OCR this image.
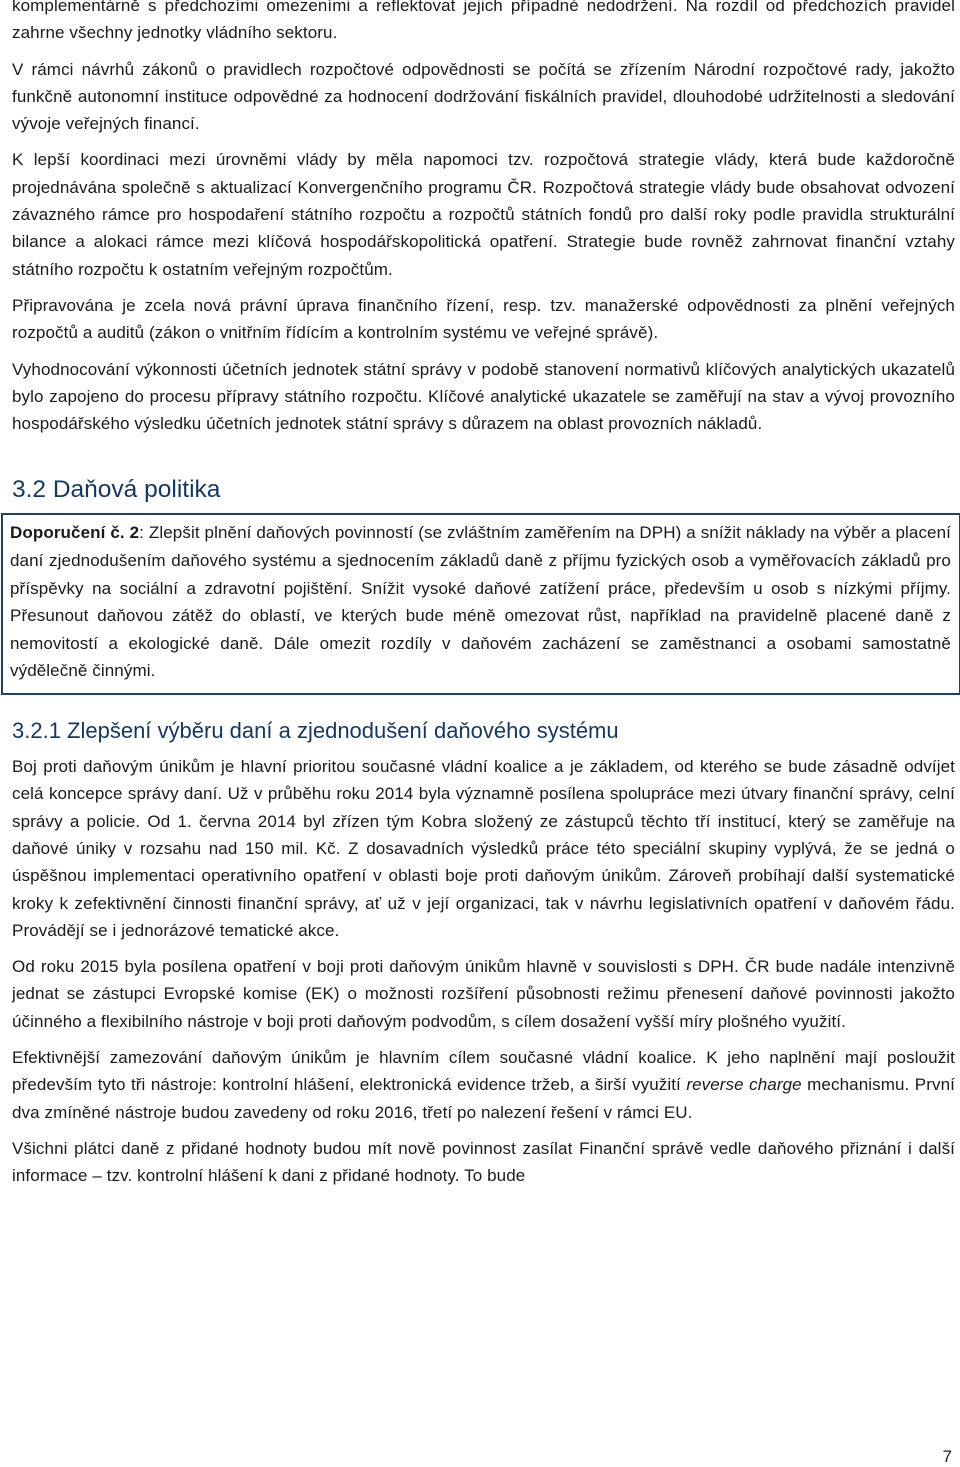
komplementárně s předchozími omezeními a reflektovat jejich případné nedodržení. Na rozdíl od předchozích pravidel zahrne všechny jednotky vládního sektoru.

V rámci návrhů zákonů o pravidlech rozpočtové odpovědnosti se počítá se zřízením Národní rozpočtové rady, jakožto funkčně autonomní instituce odpovědné za hodnocení dodržování fiskálních pravidel, dlouhodobé udržitelnosti a sledování vývoje veřejných financí.

K lepší koordinaci mezi úrovněmi vlády by měla napomoci tzv. rozpočtová strategie vlády, která bude každoročně projednávána společně s aktualizací Konvergenčního programu ČR. Rozpočtová strategie vlády bude obsahovat odvození závazného rámce pro hospodaření státního rozpočtu a rozpočtů státních fondů pro další roky podle pravidla strukturální bilance a alokaci rámce mezi klíčová hospodářskopolitická opatření. Strategie bude rovněž zahrnovat finanční vztahy státního rozpočtu k ostatním veřejným rozpočtům.

Připravována je zcela nová právní úprava finančního řízení, resp. tzv. manažerské odpovědnosti za plnění veřejných rozpočtů a auditů (zákon o vnitřním řídícím a kontrolním systému ve veřejné správě).

Vyhodnocování výkonnosti účetních jednotek státní správy v podobě stanovení normativů klíčových analytických ukazatelů bylo zapojeno do procesu přípravy státního rozpočtu. Klíčové analytické ukazatele se zaměřují na stav a vývoj provozního hospodářského výsledku účetních jednotek státní správy s důrazem na oblast provozních nákladů.

3.2 Daňová politika

Doporučení č. 2: Zlepšit plnění daňových povinností (se zvláštním zaměřením na DPH) a snížit náklady na výběr a placení daní zjednodušením daňového systému a sjednocením základů daně z příjmu fyzických osob a vyměřovacích základů pro příspěvky na sociální a zdravotní pojištění. Snížit vysoké daňové zatížení práce, především u osob s nízkými příjmy. Přesunout daňovou zátěž do oblastí, ve kterých bude méně omezovat růst, například na pravidelně placené daně z nemovitostí a ekologické daně. Dále omezit rozdíly v daňovém zacházení se zaměstnanci a osobami samostatně výdělečně činnými.

3.2.1 Zlepšení výběru daní a zjednodušení daňového systému

Boj proti daňovým únikům je hlavní prioritou současné vládní koalice a je základem, od kterého se bude zásadně odvíjet celá koncepce správy daní. Už v průběhu roku 2014 byla významně posílena spolupráce mezi útvary finanční správy, celní správy a policie. Od 1. června 2014 byl zřízen tým Kobra složený ze zástupců těchto tří institucí, který se zaměřuje na daňové úniky v rozsahu nad 150 mil. Kč. Z dosavadních výsledků práce této speciální skupiny vyplývá, že se jedná o úspěšnou implementaci operativního opatření v oblasti boje proti daňovým únikům. Zároveň probíhají další systematické kroky k zefektivnění činnosti finanční správy, ať už v její organizaci, tak v návrhu legislativních opatření v daňovém řádu. Provádějí se i jednorázové tematické akce.

Od roku 2015 byla posílena opatření v boji proti daňovým únikům hlavně v souvislosti s DPH. ČR bude nadále intenzivně jednat se zástupci Evropské komise (EK) o možnosti rozšíření působnosti režimu přenesení daňové povinnosti jakožto účinného a flexibilního nástroje v boji proti daňovým podvodům, s cílem dosažení vyšší míry plošného využití.

Efektivnější zamezování daňovým únikům je hlavním cílem současné vládní koalice. K jeho naplnění mají posloužit především tyto tři nástroje: kontrolní hlášení, elektronická evidence tržeb, a širší využití reverse charge mechanismu. První dva zmíněné nástroje budou zavedeny od roku 2016, třetí po nalezení řešení v rámci EU.

Všichni plátci daně z přidané hodnoty budou mít nově povinnost zasílat Finanční správě vedle daňového přiznání i další informace – tzv. kontrolní hlášení k dani z přidané hodnoty. To bude

7
